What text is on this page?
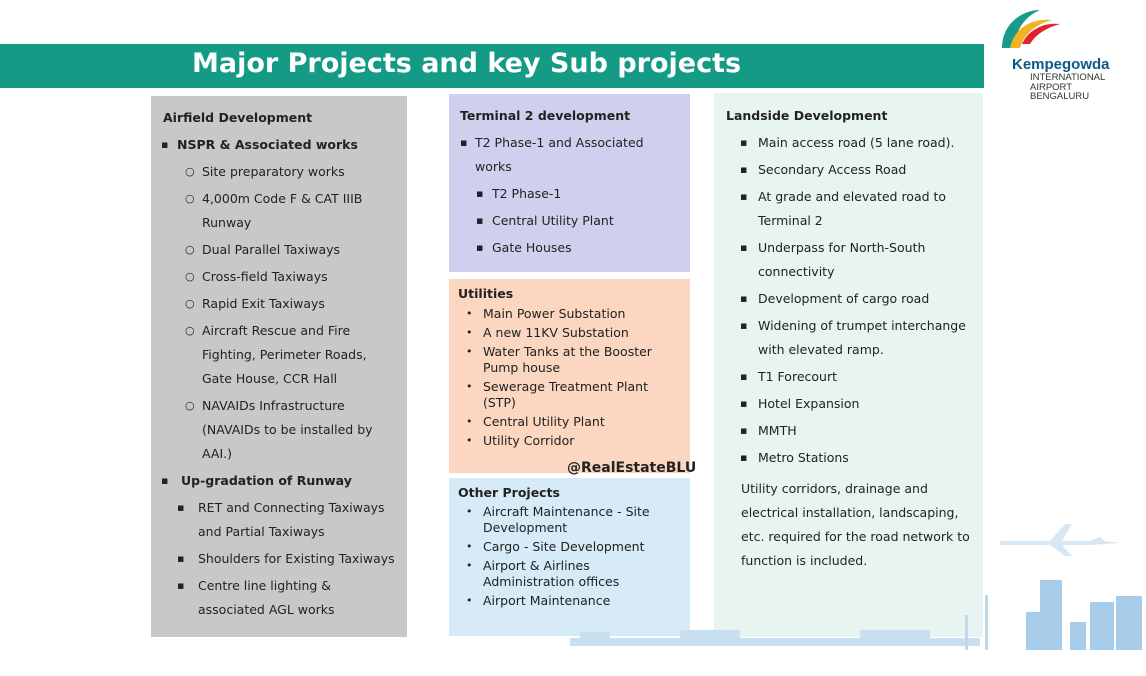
Major Projects and key Sub projects	Kempegowda
INTERNATIONAL
AIRPORT
BENGALURU
Airfield Development
▪ NSPR & Associated works
○ Site preparatory works
○ 4,000m Code F & CAT IIIB Runway
○ Dual Parallel Taxiways
○ Cross-field Taxiways
○ Rapid Exit Taxiways
○ Aircraft Rescue and Fire Fighting, Perimeter Roads, Gate House, CCR Hall
○ NAVAIDs Infrastructure (NAVAIDs to be installed by AAI.)
▪ Up-gradation of Runway
▪ RET and Connecting Taxiways and Partial Taxiways
▪ Shoulders for Existing Taxiways
▪ Centre line lighting & associated AGL works
Terminal 2 development
▪ T2 Phase-1 and Associated works
▪ T2 Phase-1
▪ Central Utility Plant
▪ Gate Houses
Utilities
• Main Power Substation
• A new 11KV Substation
• Water Tanks at the Booster Pump house
• Sewerage Treatment Plant (STP)
• Central Utility Plant
• Utility Corridor
@RealEstateBLU
Other Projects
• Aircraft Maintenance - Site Development
• Cargo - Site Development
• Airport & Airlines Administration offices
• Airport Maintenance
Landside Development
▪ Main access road (5 lane road).
▪ Secondary Access Road
▪ At grade and elevated road to Terminal 2
▪ Underpass for North-South connectivity
▪ Development of cargo road
▪ Widening of trumpet interchange with elevated ramp.
▪ T1 Forecourt
▪ Hotel Expansion
▪ MMTH
▪ Metro Stations
Utility corridors, drainage and electrical installation, landscaping, etc. required for the road network to function is included.
